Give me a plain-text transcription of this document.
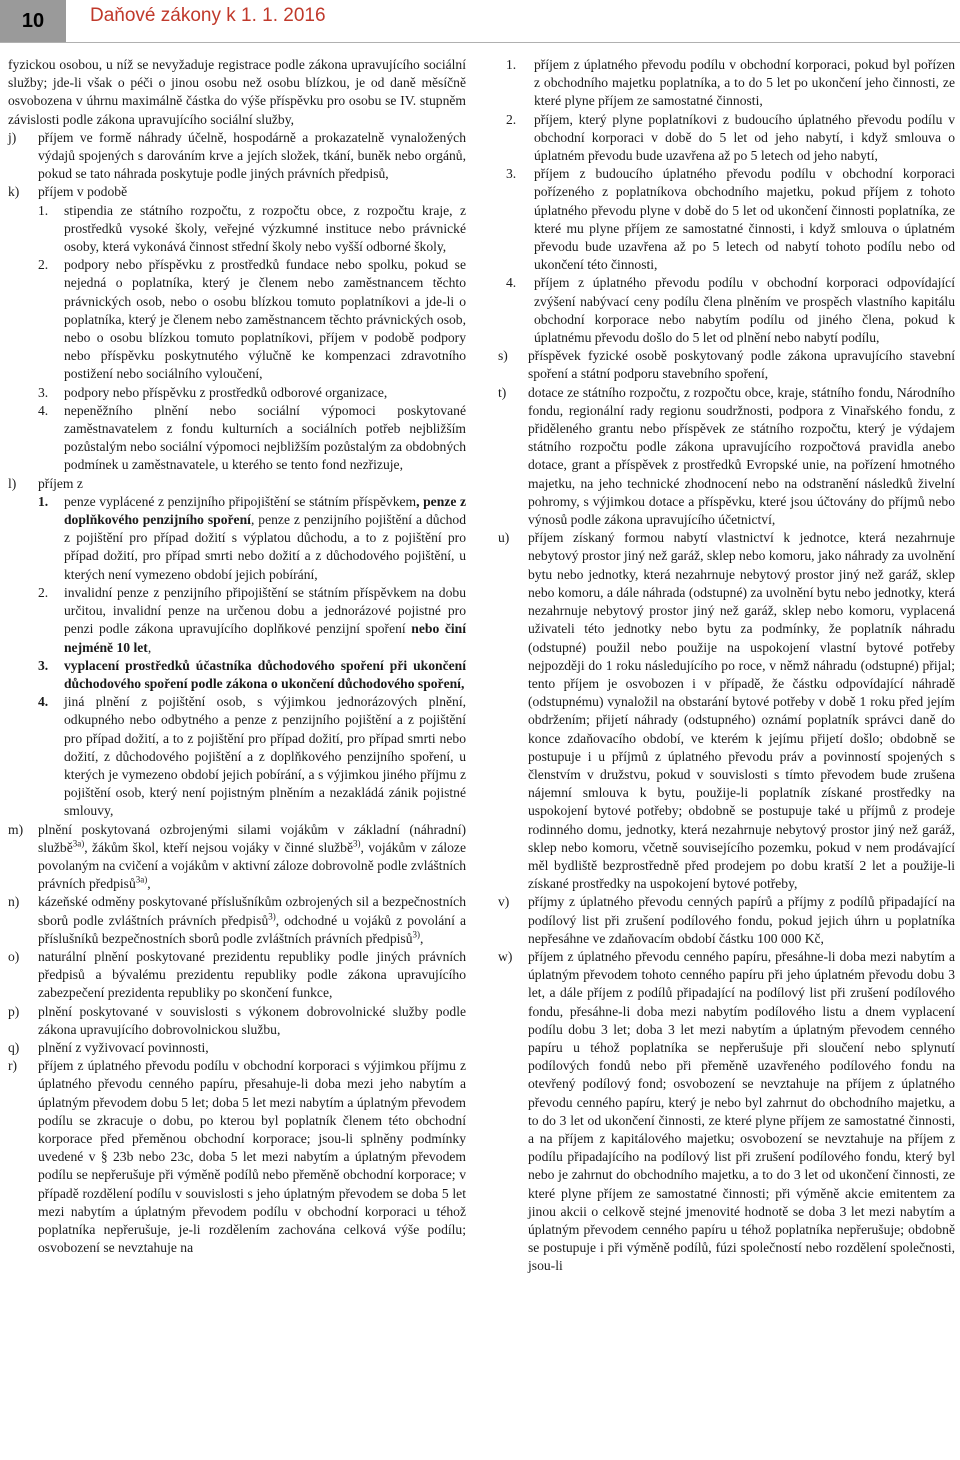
10	Daňové zákony k 1. 1. 2016

fyzickou osobou, u níž se nevyžaduje registrace podle zákona upravujícího sociální služby; jde-li však o péči o jinou osobu než osobu blízkou, je od daně měsíčně osvobozena v úhrnu maximálně částka do výše příspěvku pro osobu se IV. stupněm závislosti podle zákona upravujícího sociální služby,

j) příjem ve formě náhrady účelně, hospodárně a prokazatelně vynaložených výdajů spojených s darováním krve a jejích složek, tkání, buněk nebo orgánů, pokud se tato náhrada poskytuje podle jiných právních předpisů,
k) příjem v podobě
1. stipendia ze státního rozpočtu, z rozpočtu obce, z rozpočtu kraje, z prostředků vysoké školy, veřejné výzkumné instituce nebo právnické osoby, která vykonává činnost střední školy nebo vyšší odborné školy,
2. podpory nebo příspěvku z prostředků fundace nebo spolku, pokud se nejedná o poplatníka, který je členem nebo zaměstnancem těchto právnických osob, nebo o osobu blízkou tomuto poplatníkovi a jde-li o poplatníka, který je členem nebo zaměstnancem těchto právnických osob, nebo o osobu blízkou tomuto poplatníkovi, příjem v podobě podpory nebo příspěvku poskytnutého výlučně ke kompenzaci zdravotního postižení nebo sociálního vyloučení,
3. podpory nebo příspěvku z prostředků odborové organizace,
4. nepeněžního plnění nebo sociální výpomoci poskytované zaměstnavatelem z fondu kulturních a sociálních potřeb nejbližším pozůstalým nebo sociální výpomoci nejbližším pozůstalým za obdobných podmínek u zaměstnavatele, u kterého se tento fond nezřizuje,
l) příjem z
1. penze vyplácené z penzijního připojištění se státním příspěvkem, penze z doplňkového penzijního spoření, penze z penzijního pojištění a důchod z pojištění pro případ dožití s výplatou důchodu, a to z pojištění pro případ dožití, pro případ smrti nebo dožití a z důchodového pojištění, u kterých není vymezeno období jejich pobírání,
2. invalidní penze z penzijního připojištění se státním příspěvkem na dobu určitou, invalidní penze na určenou dobu a jednorázové pojistné pro penzi podle zákona upravujícího doplňkové penzijní spoření nebo činí nejméně 10 let,
3. vyplacení prostředků účastníka důchodového spoření při ukončení důchodového spoření podle zákona o ukončení důchodového spoření,
4. jiná plnění z pojištění osob, s výjimkou jednorázových plnění, odkupného nebo odbytného a penze z penzijního pojištění a z pojištění pro případ dožití, a to z pojištění pro případ dožití, pro případ smrti nebo dožití, z důchodového pojištění a z doplňkového penzijního spoření, u kterých je vymezeno období jejich pobírání, a s výjimkou jiného příjmu z pojištění osob, který není pojistným plněním a nezakládá zánik pojistné smlouvy,
m) plnění poskytovaná ozbrojenými silami vojákům v základní (náhradní) službě$^{3a)}$, žákům škol, kteří nejsou vojáky v činné službě$^{3)}$, vojákům v záloze povolaným na cvičení a vojákům v aktivní záloze dobrovolně podle zvláštních právních předpisů$^{3a)}$,
n) kázeňské odměny poskytované příslušníkům ozbrojených sil a bezpečnostních sborů podle zvláštních právních předpisů$^{3)}$, odchodné u vojáků z povolání a příslušníků bezpečnostních sborů podle zvláštních právních předpisů$^{3)}$,
o) naturální plnění poskytované prezidentu republiky podle jiných právních předpisů a bývalému prezidentu republiky podle zákona upravujícího zabezpečení prezidenta republiky po skončení funkce,
p) plnění poskytované v souvislosti s výkonem dobrovolnické služby podle zákona upravujícího dobrovolnickou službu,
q) plnění z vyživovací povinnosti,
r) příjem z úplatného převodu podílu v obchodní korporaci s výjimkou příjmu z úplatného převodu cenného papíru, přesahuje-li doba mezi jeho nabytím a úplatným převodem dobu 5 let; doba 5 let mezi nabytím a úplatným převodem podílu se zkracuje o dobu, po kterou byl poplatník členem této obchodní korporace před přeměnou obchodní korporace; jsou-li splněny podmínky uvedené v § 23b nebo 23c, doba 5 let mezi nabytím a úplatným převodem podílu se nepřerušuje při výměně podílů nebo přeměně obchodní korporace; v případě rozdělení podílu v souvislosti s jeho úplatným převodem se doba 5 let mezi nabytím a úplatným převodem podílu v obchodní korporaci u téhož poplatníka nepřerušuje, je-li rozdělením zachována celková výše podílu; osvobození se nevztahuje na
1. příjem z úplatného převodu podílu v obchodní korporaci, pokud byl pořízen z obchodního majetku poplatníka, a to do 5 let po ukončení jeho činnosti, ze které plyne příjem ze samostatné činnosti,
2. příjem, který plyne poplatníkovi z budoucího úplatného převodu podílu v obchodní korporaci v době do 5 let od jeho nabytí, i když smlouva o úplatném převodu bude uzavřena až po 5 letech od jeho nabytí,
3. příjem z budoucího úplatného převodu podílu v obchodní korporaci pořízeného z poplatníkova obchodního majetku, pokud příjem z tohoto úplatného převodu plyne v době do 5 let od ukončení činnosti poplatníka, ze které mu plyne příjem ze samostatné činnosti, i když smlouva o úplatném převodu bude uzavřena až po 5 letech od nabytí tohoto podílu nebo od ukončení této činnosti,
4. příjem z úplatného převodu podílu v obchodní korporaci odpovídající zvýšení nabývací ceny podílu člena plněním ve prospěch vlastního kapitálu obchodní korporace nebo nabytím podílu od jiného člena, pokud k úplatnému převodu došlo do 5 let od plnění nebo nabytí podílu,
s) příspěvek fyzické osobě poskytovaný podle zákona upravujícího stavební spoření a státní podporu stavebního spoření,
t) dotace ze státního rozpočtu, z rozpočtu obce, kraje, státního fondu, Národního fondu, regionální rady regionu soudržnosti, podpora z Vinařského fondu, z přiděleného grantu nebo příspěvek ze státního rozpočtu, který je výdajem státního rozpočtu podle zákona upravujícího rozpočtová pravidla anebo dotace, grant a příspěvek z prostředků Evropské unie, na pořízení hmotného majetku, na jeho technické zhodnocení nebo na odstranění následků živelní pohromy, s výjimkou dotace a příspěvku, které jsou účtovány do příjmů nebo výnosů podle zákona upravujícího účetnictví,
u) příjem získaný formou nabytí vlastnictví k jednotce, která nezahrnuje nebytový prostor jiný než garáž, sklep nebo komoru, jako náhrady za uvolnění bytu nebo jednotky, která nezahrnuje nebytový prostor jiný než garáž, sklep nebo komoru, a dále náhrada (odstupné) za uvolnění bytu nebo jednotky, která nezahrnuje nebytový prostor jiný než garáž, sklep nebo komoru, vyplacená uživateli této jednotky nebo bytu za podmínky, že poplatník náhradu (odstupné) použil nebo použije na uspokojení vlastní bytové potřeby nejpozději do 1 roku následujícího po roce, v němž náhradu (odstupné) přijal; tento příjem je osvobozen i v případě, že částku odpovídající náhradě (odstupnému) vynaložil na obstarání bytové potřeby v době 1 roku před jejím obdržením; přijetí náhrady (odstupného) oznámí poplatník správci daně do konce zdaňovacího období, ve kterém k jejímu přijetí došlo; obdobně se postupuje i u příjmů z úplatného převodu práv a povinností spojených s členstvím v družstvu, pokud v souvislosti s tímto převodem bude zrušena nájemní smlouva k bytu, použije-li poplatník získané prostředky na uspokojení bytové potřeby; obdobně se postupuje také u příjmů z prodeje rodinného domu, jednotky, která nezahrnuje nebytový prostor jiný než garáž, sklep nebo komoru, včetně souvisejícího pozemku, pokud v nem prodávající měl bydliště bezprostředně před prodejem po dobu kratší 2 let a použije-li získané prostředky na uspokojení bytové potřeby,
v) příjmy z úplatného převodu cenných papírů a příjmy z podílů připadající na podílový list při zrušení podílového fondu, pokud jejich úhrn u poplatníka nepřesáhne ve zdaňovacím období částku 100 000 Kč,
w) příjem z úplatného převodu cenného papíru, přesáhne-li doba mezi nabytím a úplatným převodem tohoto cenného papíru při jeho úplatném převodu dobu 3 let, a dále příjem z podílů připadající na podílový list při zrušení podílového fondu, přesáhne-li doba mezi nabytím podílového listu a dnem vyplacení podílu dobu 3 let; doba 3 let mezi nabytím a úplatným převodem cenného papíru u téhož poplatníka se nepřerušuje při sloučení nebo splynutí podílových fondů nebo při přeměně uzavřeného podílového fondu na otevřený podílový fond; osvobození se nevztahuje na příjem z úplatného převodu cenného papíru, který je nebo byl zahrnut do obchodního majetku, a to do 3 let od ukončení činnosti, ze které plyne příjem ze samostatné činnosti, a na příjem z kapitálového majetku; osvobození se nevztahuje na příjem z podílu připadajícího na podílový list při zrušení podílového fondu, který byl nebo je zahrnut do obchodního majetku, a to do 3 let od ukončení činnosti, ze které plyne příjem ze samostatné činnosti; při výměně akcie emitentem za jinou akcii o celkově stejné jmenovité hodnotě se doba 3 let mezi nabytím a úplatným převodem cenného papíru u téhož poplatníka nepřerušuje; obdobně se postupuje i při výměně podílů, fúzi společností nebo rozdělení společnosti, jsou-li
